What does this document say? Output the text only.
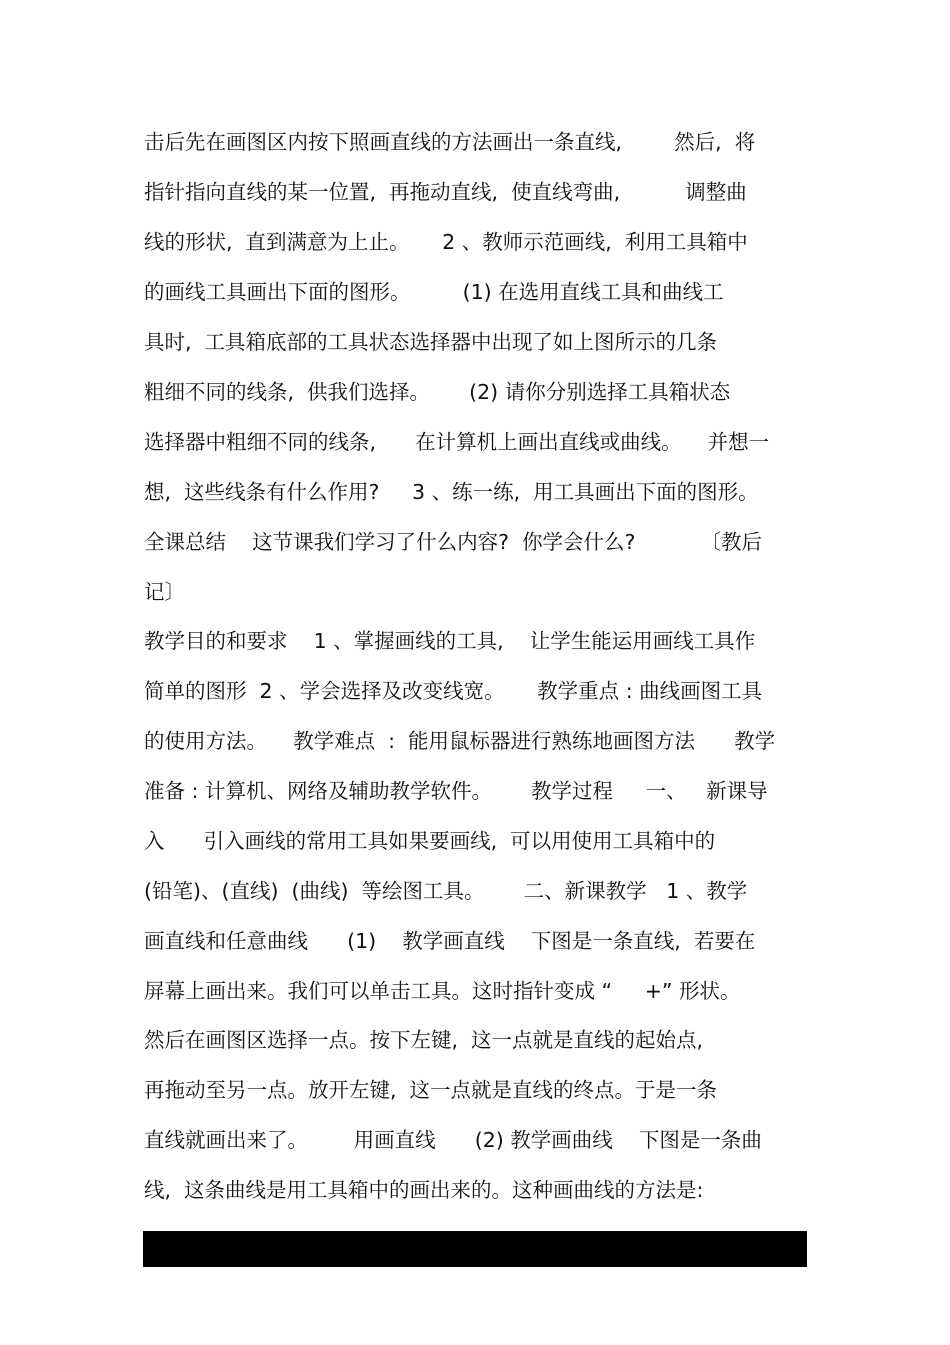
击后先在画图区内按下照画直线的方法画出一条直线,        然后,  将
指针指向直线的某一位置,  再拖动直线,  使直线弯曲,          调整曲
线的形状,  直到满意为上止。     2 、教师示范画线,  利用工具箱中
的画线工具画出下面的图形。        (1) 在选用直线工具和曲线工
具时,  工具箱底部的工具状态选择器中出现了如上图所示的几条
粗细不同的线条,  供我们选择。      (2) 请你分别选择工具箱状态
选择器中粗细不同的线条,      在计算机上画出直线或曲线。    并想一
想,  这些线条有什么作用?     3 、练一练,  用工具画出下面的图形。
全课总结    这节课我们学习了什么内容?  你学会什么?          〔教后
记〕
教学目的和要求    1 、掌握画线的工具,    让学生能运用画线工具作
简单的图形  2 、学会选择及改变线宽。     教学重点 : 曲线画图工具
的使用方法。    教学难点  :  能用鼠标器进行熟练地画图方法      教学
准备 : 计算机、网络及辅助教学软件。      教学过程     一、   新课导
入      引入画线的常用工具如果要画线,  可以用使用工具箱中的
(铅笔)、(直线)  (曲线)  等绘图工具。      二、新课教学   1 、教学
画直线和任意曲线      (1)    教学画直线    下图是一条直线,  若要在
屏幕上画出来。我们可以单击工具。这时指针变成 “     +” 形状。
然后在画图区选择一点。按下左键,  这一点就是直线的起始点,
再拖动至另一点。放开左键,  这一点就是直线的终点。于是一条
直线就画出来了。       用画直线      (2) 教学画曲线    下图是一条曲
线,  这条曲线是用工具箱中的画出来的。这种画曲线的方法是:
